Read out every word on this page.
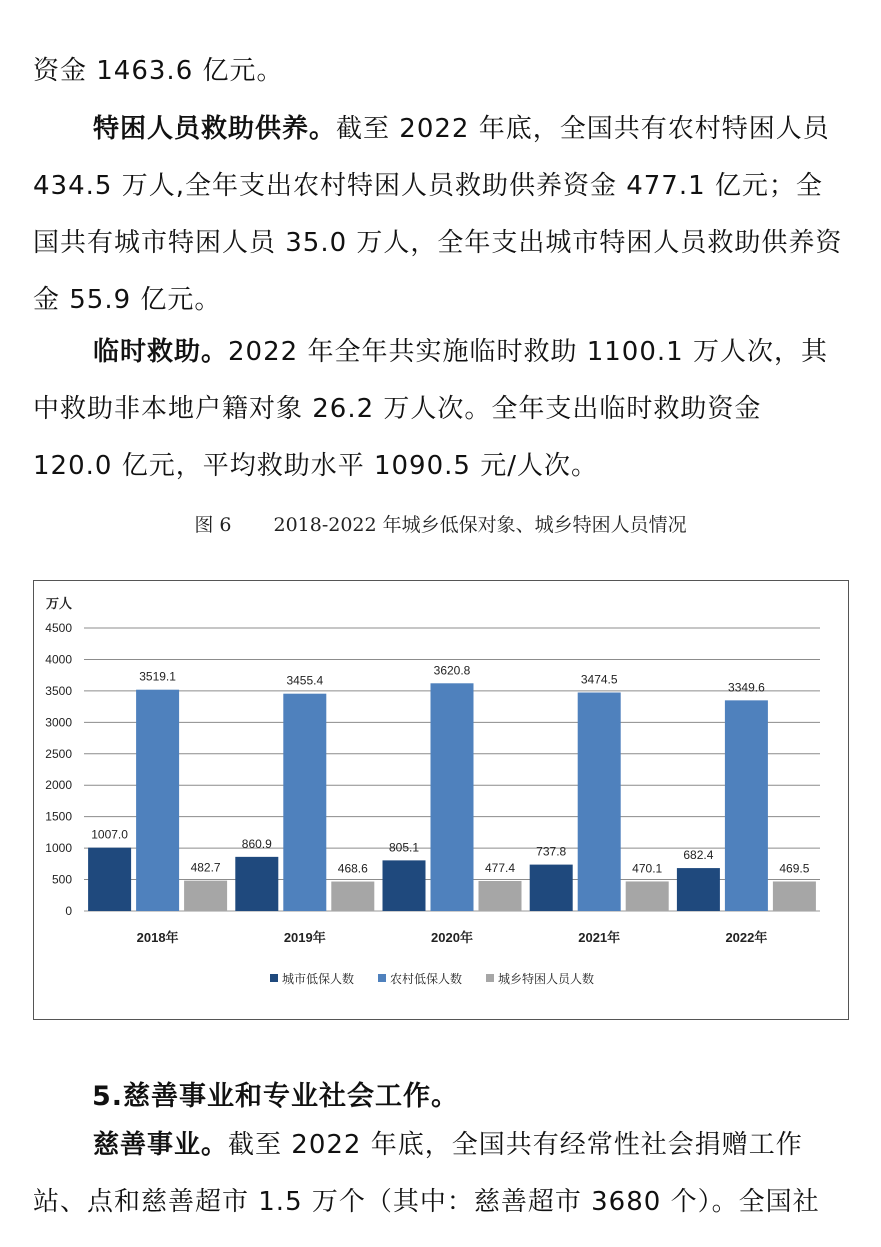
资金 1463.6 亿元。

特困人员救助供养。截至 2022 年底，全国共有农村特困人员 434.5 万人,全年支出农村特困人员救助供养资金 477.1 亿元；全国共有城市特困人员 35.0 万人，全年支出城市特困人员救助供养资金 55.9 亿元。

临时救助。2022 年全年共实施临时救助 1100.1 万人次，其中救助非本地户籍对象 26.2 万人次。全年支出临时救助资金 120.0 亿元，平均救助水平 1090.5 元/人次。

图 6 2018-2022 年城乡低保对象、城乡特困人员情况
万人
0
500
1000
1500
2000
2500
3000
3500
4000
4500
1007.0
3519.1
482.7
2018年
860.9
3455.4
468.6
2019年
805.1
3620.8
477.4
2020年
737.8
3474.5
470.1
2021年
682.4
3349.6
469.5
2022年
城市低保人数	农村低保人数	城乡特困人员人数
5.慈善事业和专业社会工作。

慈善事业。截至 2022 年底，全国共有经常性社会捐赠工作站、点和慈善超市 1.5 万个（其中：慈善超市 3680 个）。全国社
